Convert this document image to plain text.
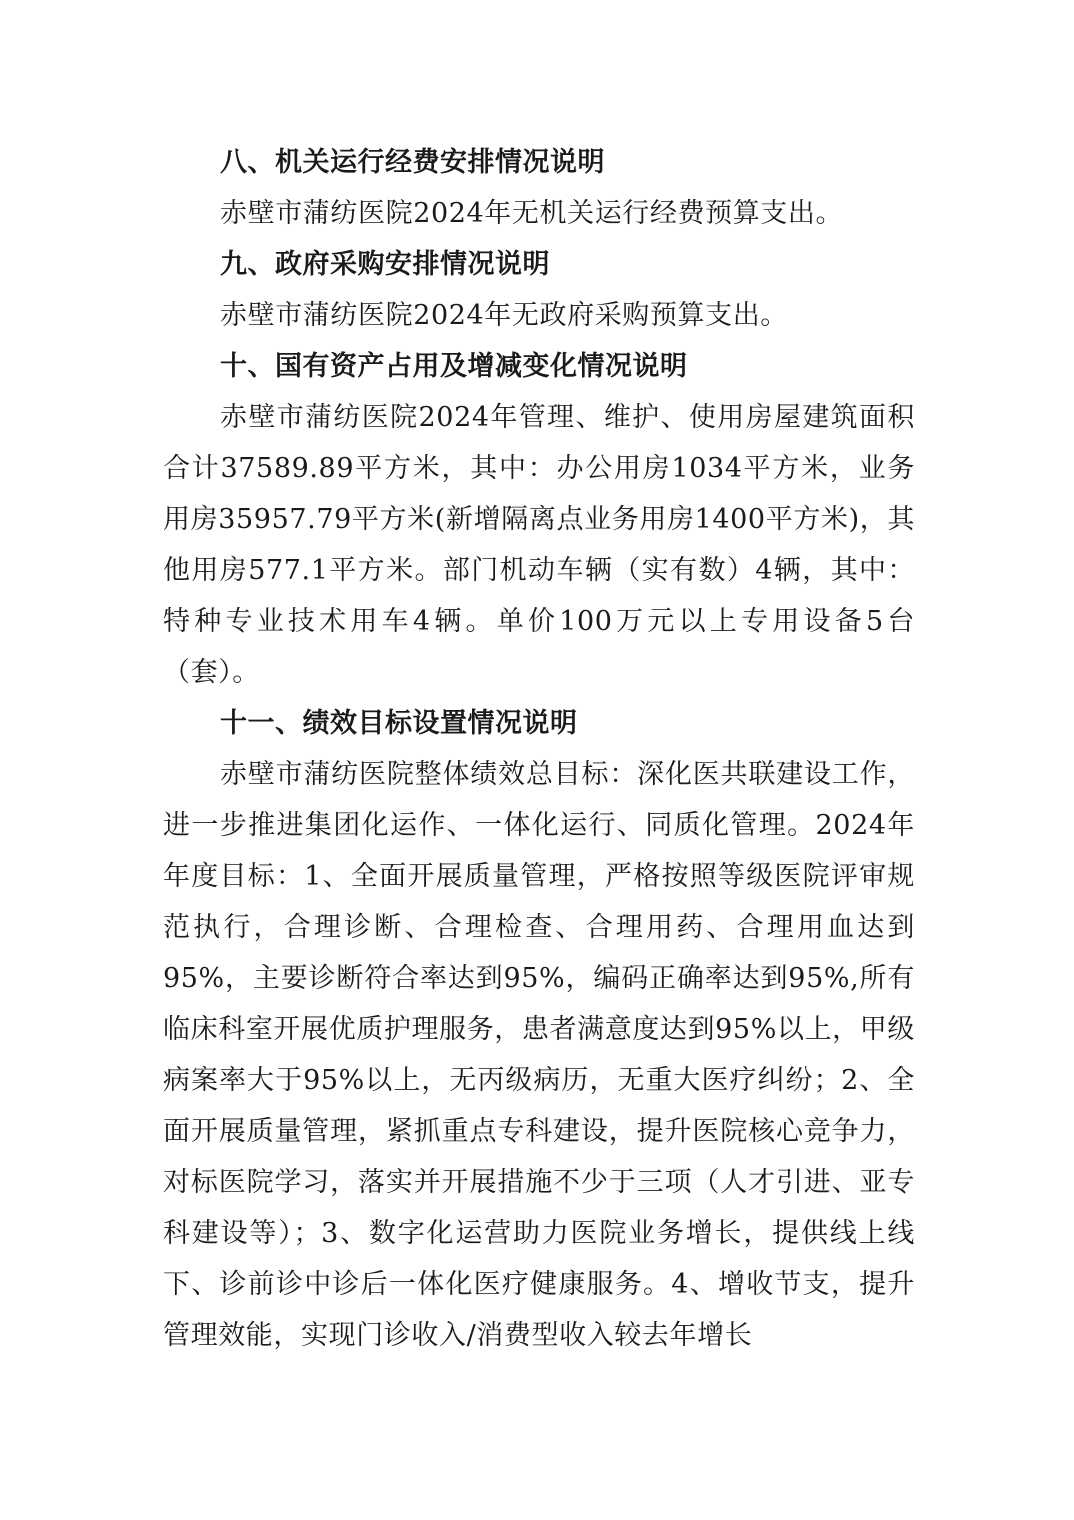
八、机关运行经费安排情况说明

赤壁市蒲纺医院2024年无机关运行经费预算支出。

九、政府采购安排情况说明

赤壁市蒲纺医院2024年无政府采购预算支出。

十、国有资产占用及增减变化情况说明

赤壁市蒲纺医院2024年管理、维护、使用房屋建筑面积合计37589.89平方米，其中：办公用房1034平方米，业务用房35957.79平方米(新增隔离点业务用房1400平方米)，其他用房577.1平方米。部门机动车辆（实有数）4辆，其中：特种专业技术用车4辆。单价100万元以上专用设备5台（套）。

十一、绩效目标设置情况说明

赤壁市蒲纺医院整体绩效总目标：深化医共联建设工作，进一步推进集团化运作、一体化运行、同质化管理。2024年年度目标：1、全面开展质量管理，严格按照等级医院评审规范执行，合理诊断、合理检查、合理用药、合理用血达到95%，主要诊断符合率达到95%，编码正确率达到95%,所有临床科室开展优质护理服务，患者满意度达到95%以上，甲级病案率大于95%以上，无丙级病历，无重大医疗纠纷；2、全面开展质量管理，紧抓重点专科建设，提升医院核心竞争力，对标医院学习，落实并开展措施不少于三项（人才引进、亚专科建设等）；3、数字化运营助力医院业务增长，提供线上线下、诊前诊中诊后一体化医疗健康服务。4、增收节支，提升管理效能，实现门诊收入/消费型收入较去年增长
